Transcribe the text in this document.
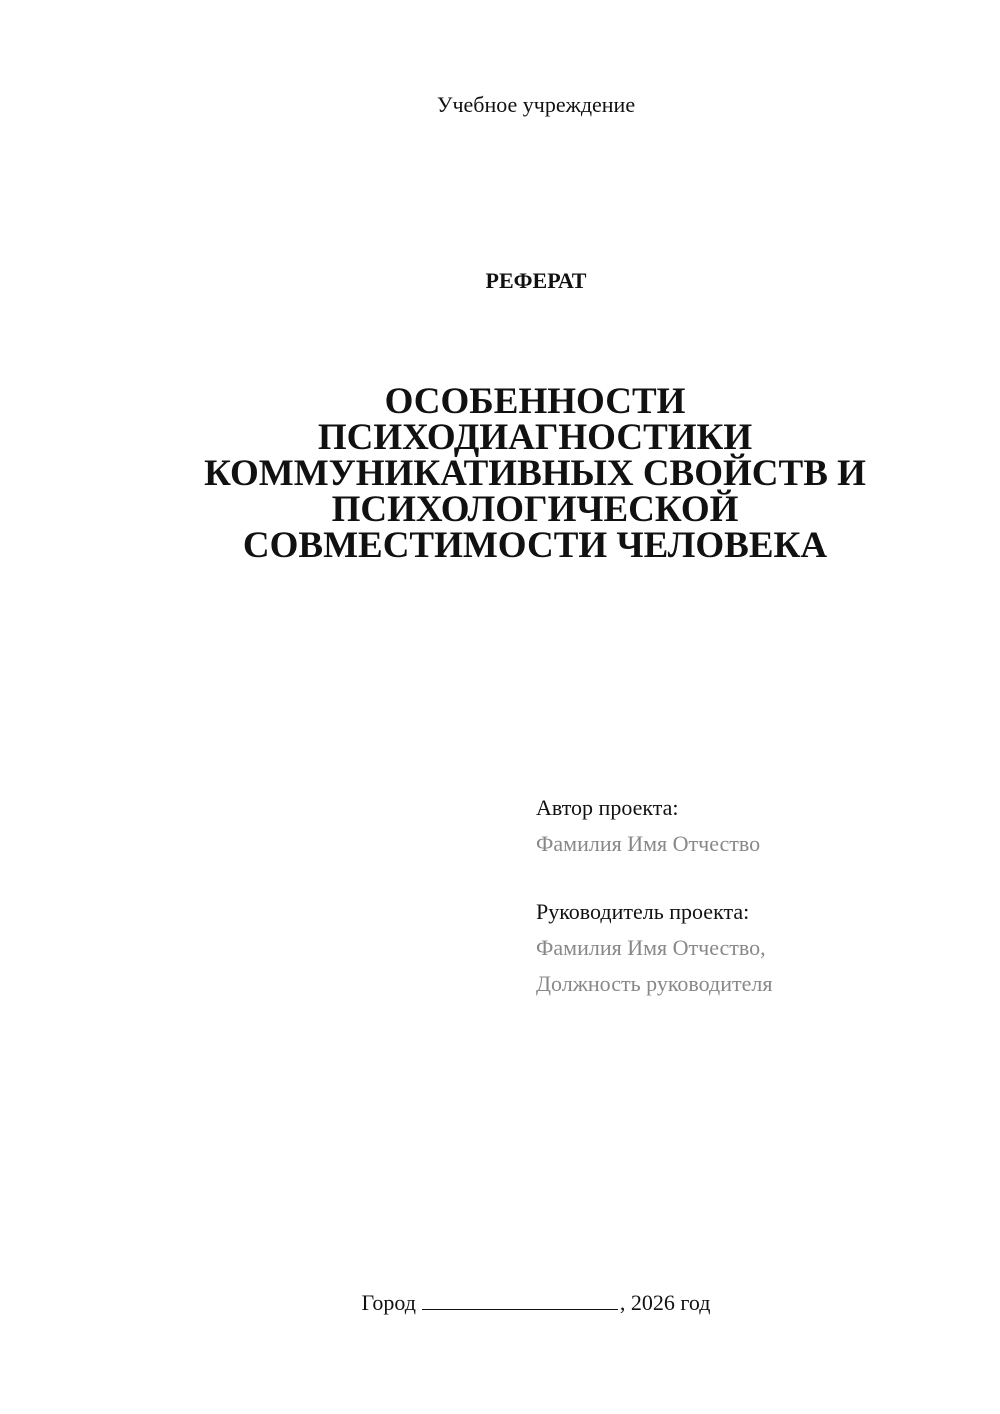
Учебное учреждение
РЕФЕРАТ
ОСОБЕННОСТИ
ПСИХОДИАГНОСТИКИ
КОММУНИКАТИВНЫХ СВОЙСТВ И
ПСИХОЛОГИЧЕСКОЙ
СОВМЕСТИМОСТИ ЧЕЛОВЕКА
Автор проекта:
Фамилия Имя Отчество
Руководитель проекта:
Фамилия Имя Отчество,
Должность руководителя
Город	, 2026 год
